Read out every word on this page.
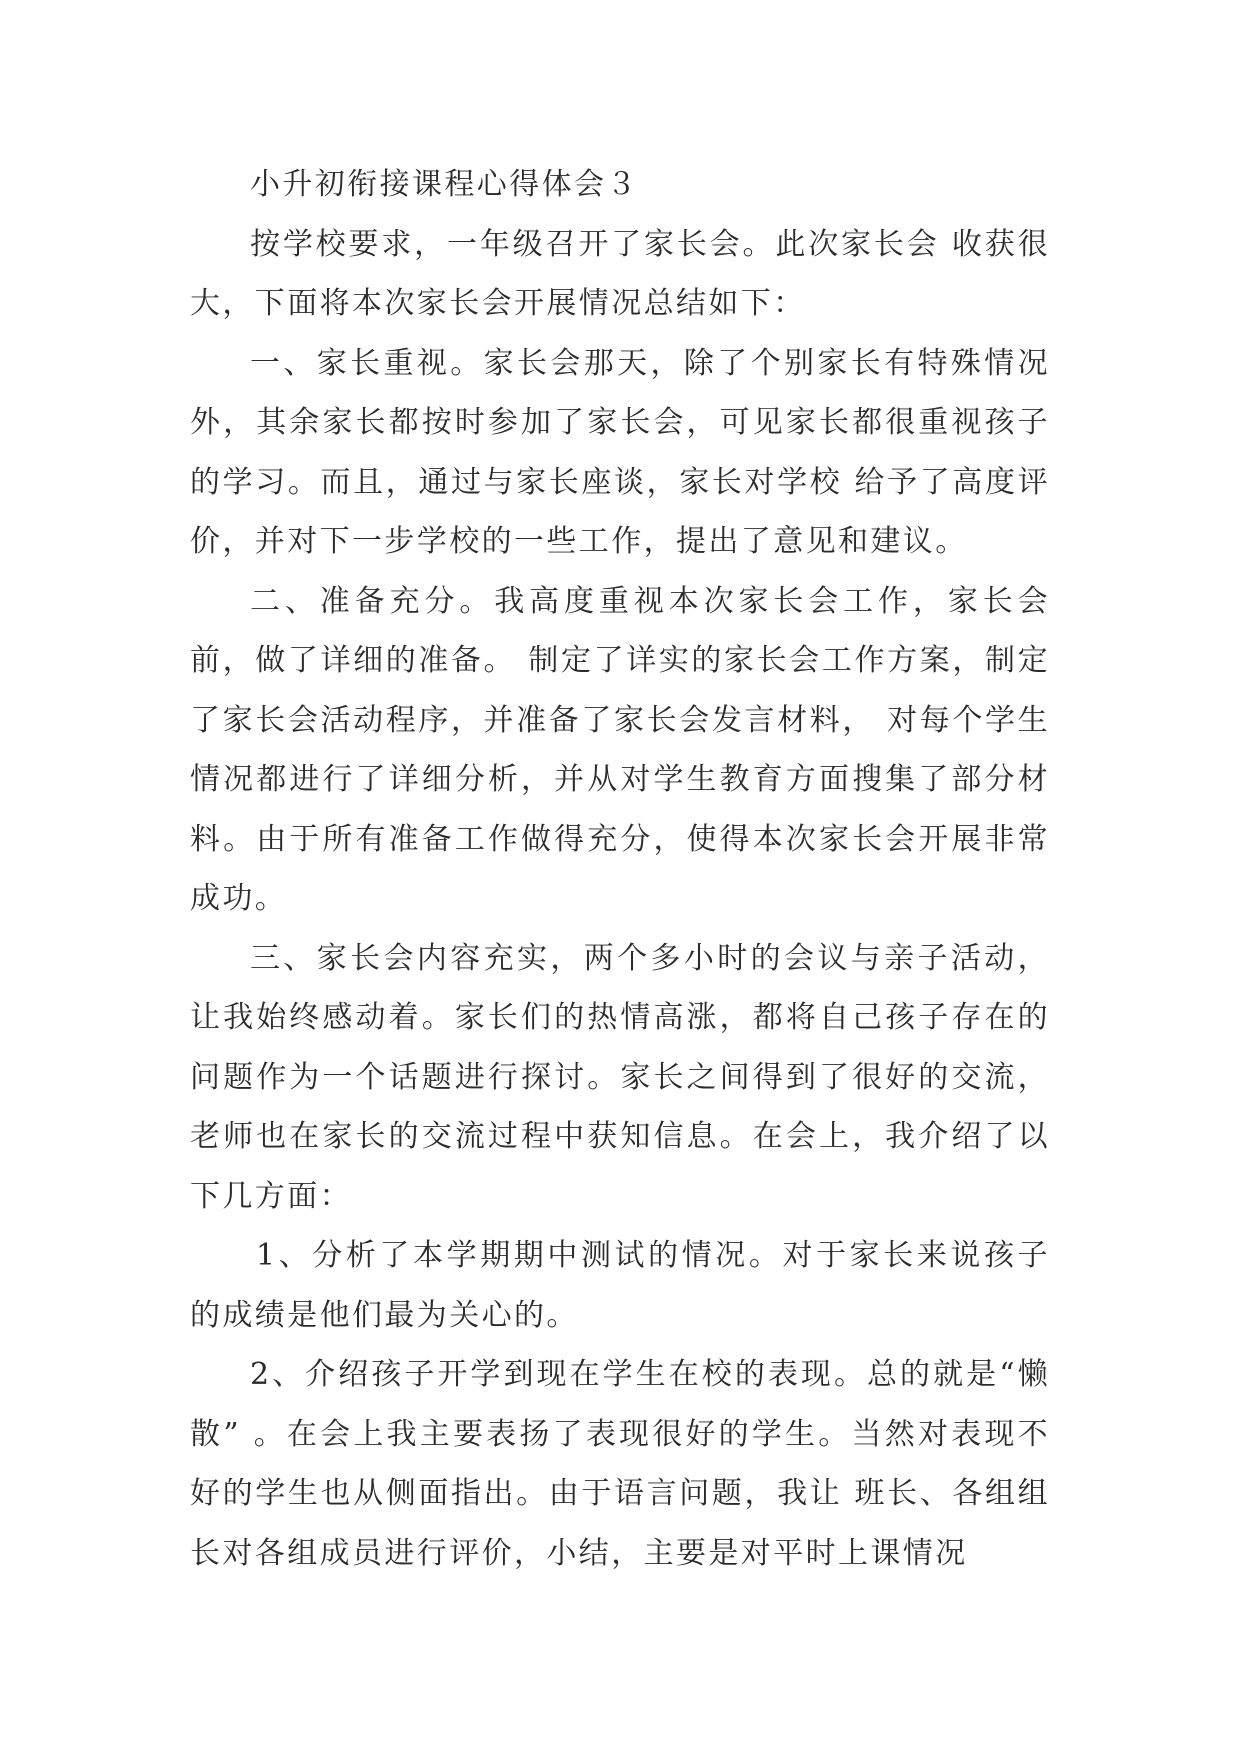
小升初衔接课程心得体会３

按学校要求，一年级召开了家长会。此次家长会 收获很大，下面将本次家长会开展情况总结如下：

一、家长重视。家长会那天，除了个别家长有特殊情况外，其余家长都按时参加了家长会，可见家长都很重视孩子的学习。而且，通过与家长座谈，家长对学校 给予了高度评价，并对下一步学校的一些工作，提出了意见和建议。

二、准备充分。我高度重视本次家长会工作，家长会前，做了详细的准备。 制定了详实的家长会工作方案，制定了家长会活动程序，并准备了家长会发言材料， 对每个学生情况都进行了详细分析，并从对学生教育方面搜集了部分材料。由于所有准备工作做得充分，使得本次家长会开展非常成功。

三、家长会内容充实，两个多小时的会议与亲子活动，让我始终感动着。家长们的热情高涨，都将自己孩子存在的问题作为一个话题进行探讨。家长之间得到了很好的交流，老师也在家长的交流过程中获知信息。在会上，我介绍了以下几方面：

1、分析了本学期期中测试的情况。对于家长来说孩子的成绩是他们最为关心的。

2、介绍孩子开学到现在学生在校的表现。总的就是“懒散” 。在会上我主要表扬了表现很好的学生。当然对表现不好的学生也从侧面指出。由于语言问题，我让 班长、各组组长对各组成员进行评价，小结，主要是对平时上课情况
